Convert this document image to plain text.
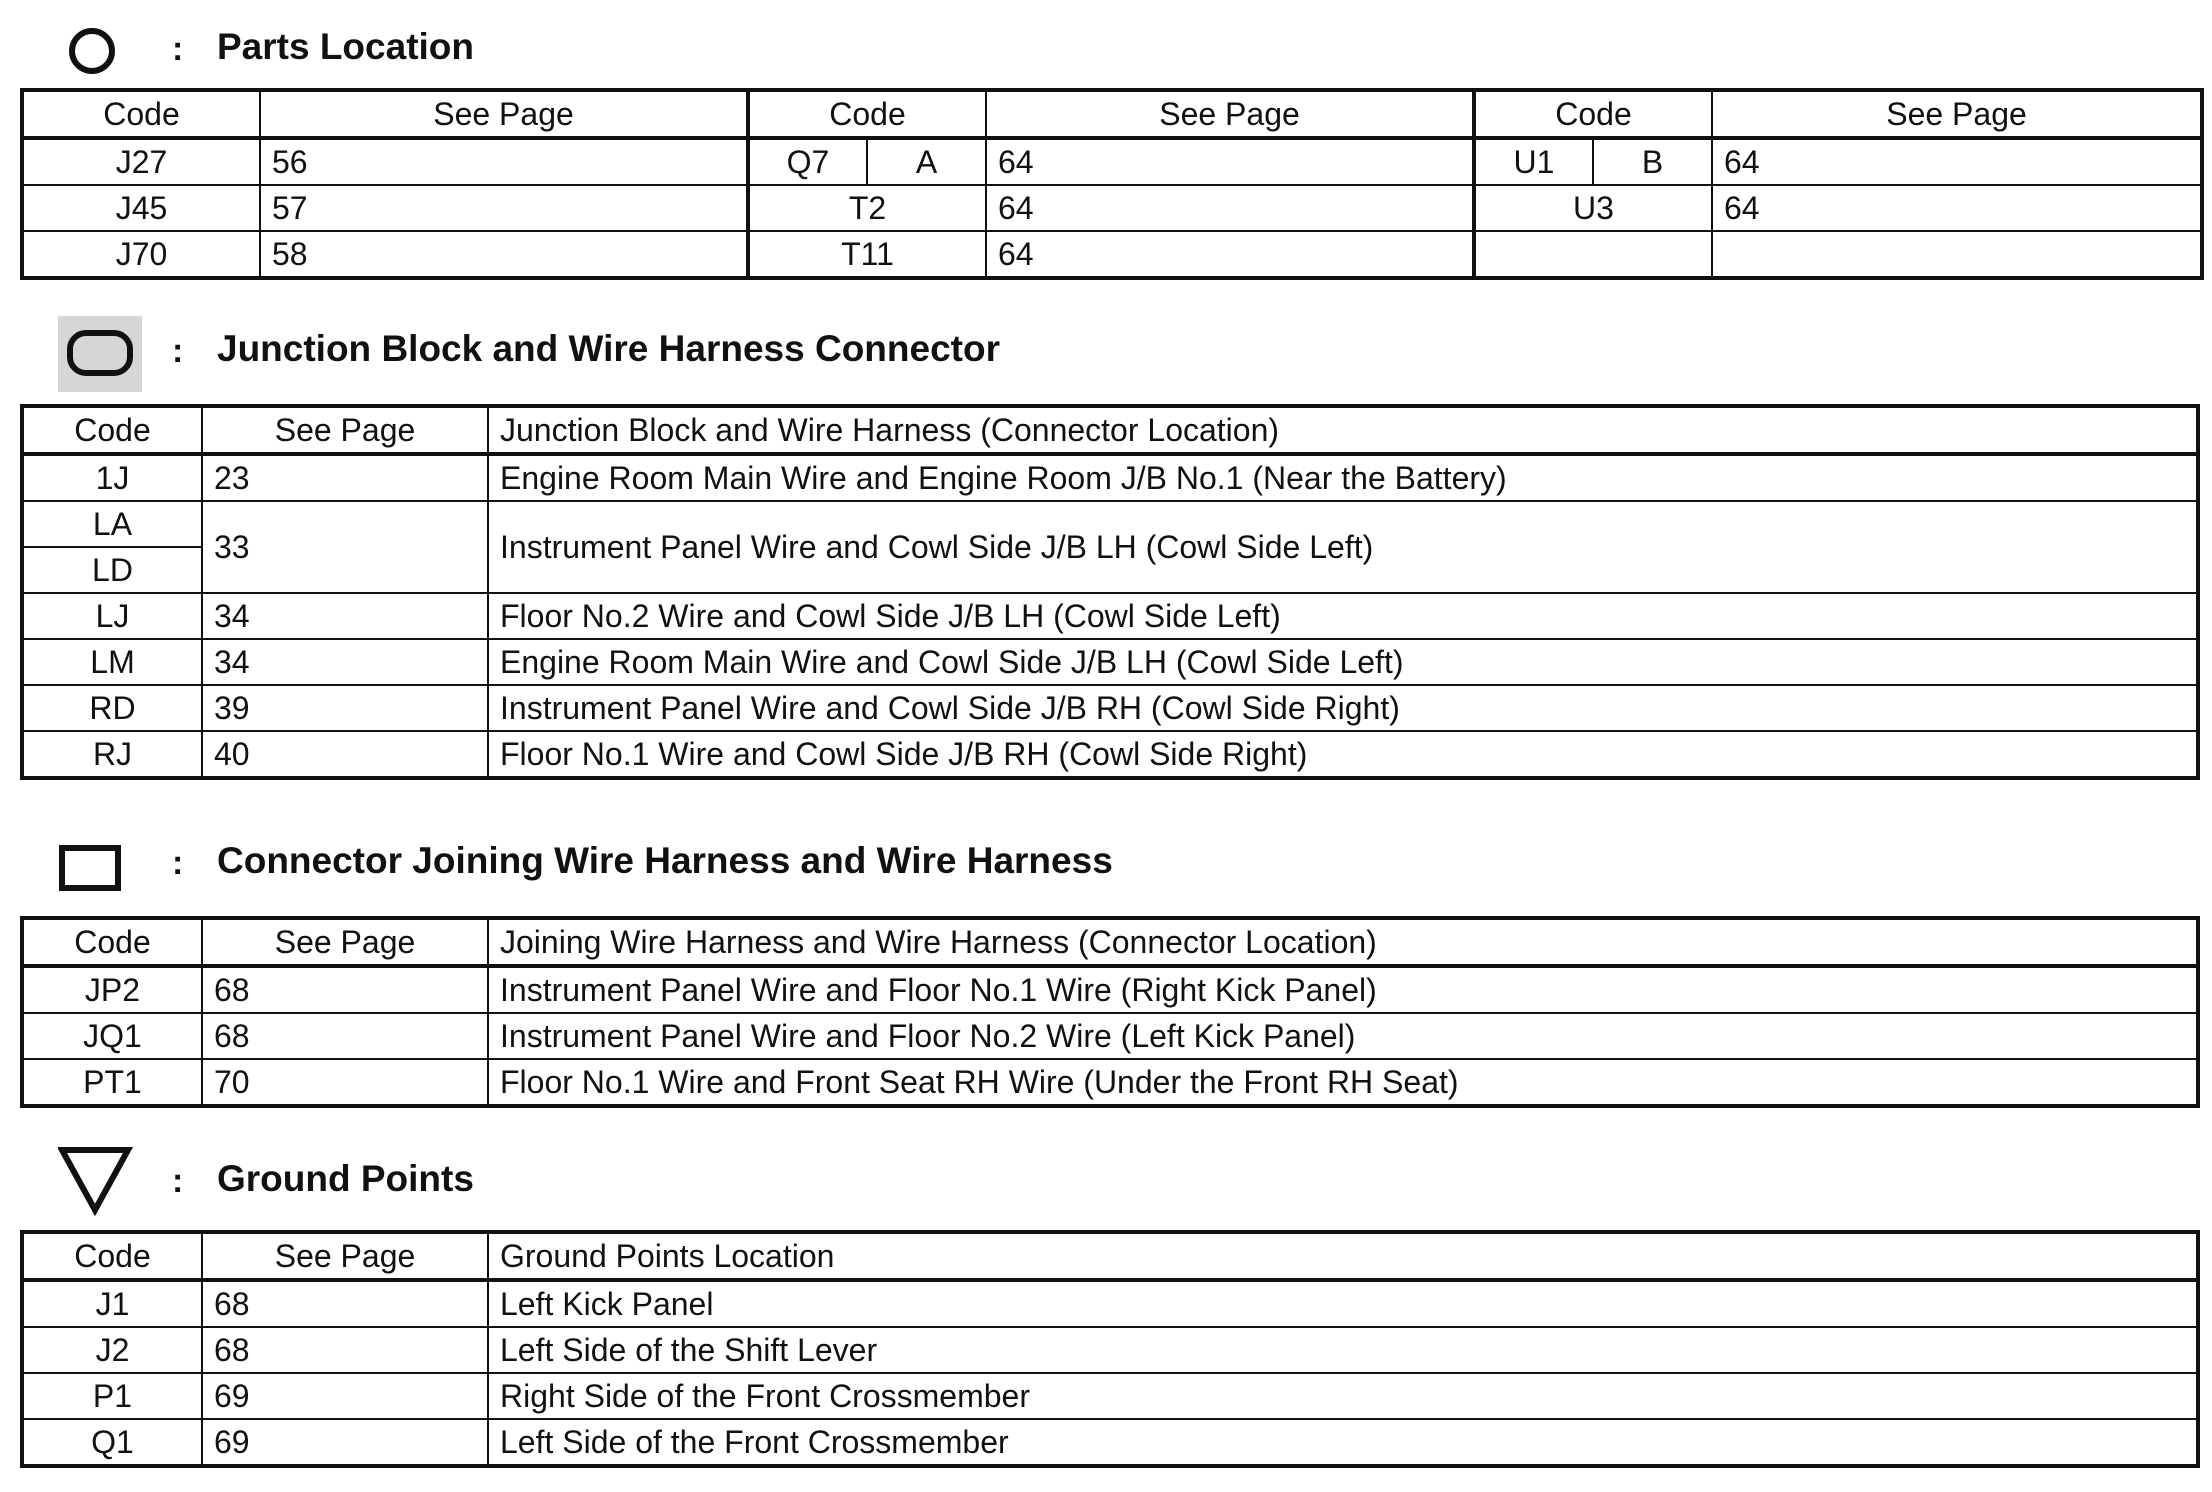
: Parts Location
Code	See Page	Code	See Page	Code	See Page
J27	56	Q7 A	64	U1 B	64
J45	57	T2	64	U3	64
J70	58	T11	64		
: Junction Block and Wire Harness Connector
Code	See Page	Junction Block and Wire Harness (Connector Location)
1J	23	Engine Room Main Wire and Engine Room J/B No.1 (Near the Battery)
LA	33	Instrument Panel Wire and Cowl Side J/B LH (Cowl Side Left)
LD		
LJ	34	Floor No.2 Wire and Cowl Side J/B LH (Cowl Side Left)
LM	34	Engine Room Main Wire and Cowl Side J/B LH (Cowl Side Left)
RD	39	Instrument Panel Wire and Cowl Side J/B RH (Cowl Side Right)
RJ	40	Floor No.1 Wire and Cowl Side J/B RH (Cowl Side Right)
: Connector Joining Wire Harness and Wire Harness
Code	See Page	Joining Wire Harness and Wire Harness (Connector Location)
JP2	68	Instrument Panel Wire and Floor No.1 Wire (Right Kick Panel)
JQ1	68	Instrument Panel Wire and Floor No.2 Wire (Left Kick Panel)
PT1	70	Floor No.1 Wire and Front Seat RH Wire (Under the Front RH Seat)
: Ground Points
Code	See Page	Ground Points Location
J1	68	Left Kick Panel
J2	68	Left Side of the Shift Lever
P1	69	Right Side of the Front Crossmember
Q1	69	Left Side of the Front Crossmember
